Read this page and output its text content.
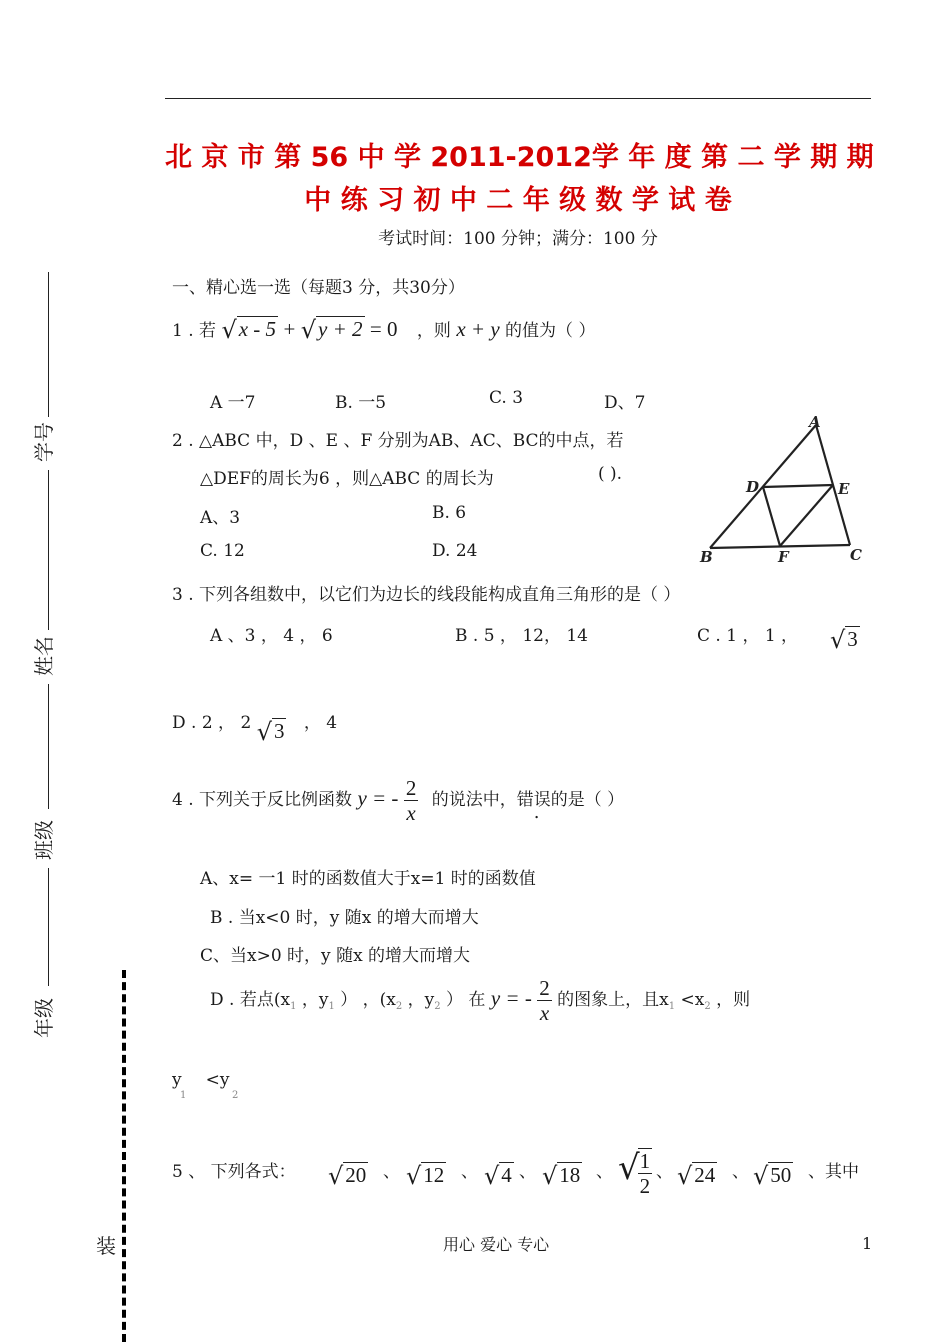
北 京 市 第 56 中 学 2011-2012学 年 度 第 二 学 期 期
中 练 习 初 中 二 年 级 数 学 试 卷
考试时间：100 分钟；满分：100 分
学号
姓名
班级
年级
装
一、精心选一选（每题3 分，共30分）
1 . 若 √x - 5 + √y + 2 = 0 ，则 x + y 的值为（ ）
A 一7	B. 一5	C. 3	D、7
2 . △ABC 中，D 、E 、F 分别为AB、AC、BC的中点，若
△DEF的周长为6 ，则△ABC 的周长为	( ).
A、3	B. 6
C. 12	D. 24
A
D	E
B	F	C
3 . 下列各组数中，以它们为边长的线段能构成直角三角形的是（ ）
A 、3 ， 4 ， 6	B . 5 ， 12， 14	C . 1 ， 1 ， √3
D . 2 ， 2 √3 ， 4
4 . 下列关于反比例函数 y = - $\frac{2}{x}$ 的说法中，错误的是（ ）
A、x= 一1 时的函数值大于x=1 时的函数值
B . 当x<0 时，y 随x 的增大而增大
C、当x>0 时，y 随x 的增大而增大
D . 若点($x_1$ ，$y_1$ ） ，($x_2$ ，$y_2$ ） 在 y = - $\frac{2}{x}$ 的图象上，且$x_1 <x_2$ ，则
y <y
1	2
5 、 下列各式： √20 、 √12 、 √4 、 √18 、 √
$\frac{1}{2}$ 、 √24 、 √50 、其中
用心 爱心 专心	1
